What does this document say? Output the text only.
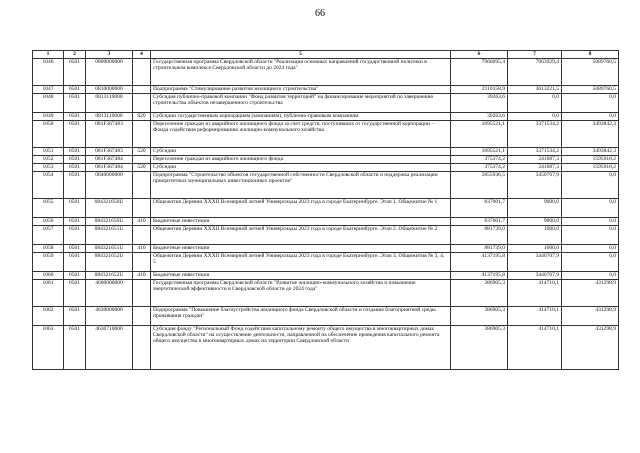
66
1	2	3	4	5	6	7	8
1046	0501	0800000000		Государственная программа Свердловской области "Реализация основных направлений государственной политики в строительном комплексе Свердловской области до 2024 года"	7966095,4	7063929,4	5089760,5
1047	0501	0810000000		Подпрограмма "Стимулирование развития жилищного строительства"	2110158,9	3613221,5	5089760,5
1048	0501	0813110000		Субсидия публично-правовой компании "Фонд развития территорий" на финансирование мероприятий по завершению строительства объектов незавершенного строительства	39263,6	0,0	0,0
1049	0501	0813110000	820	Субсидии государственным корпорациям (компаниям), публично-правовым компаниям	39263,6	0,0	0,0
1050	0501	081F367483		Переселение граждан из аварийного жилищного фонда за счет средств, поступивших от государственной корпорации – Фонда содействия реформированию жилищно-коммунального хозяйства	1695521,1	3371534,2	3493842,3
1051	0501	081F367483	520	Субсидии	1695521,1	3371534,2	3493842,3
1052	0501	081F367484		Переселение граждан из аварийного жилищного фонда	375374,2	241687,3	1595918,2
1053	0501	081F367484	520	Субсидии	375374,2	241687,3	1595918,2
1054	0501	0840000000		Подпрограмма "Строительство объектов государственной собственности Свердловской области и поддержка реализации приоритетных муниципальных инвестиционных проектов"	5855936,5	3450707,9	0,0
1055	0501	084321650U		Общежития Деревни XXXII Всемирной летней Универсиады 2023 года в городе Екатеринбурге. Этап 1. Общежитие № 1	837001,7	9000,0	0,0
1056	0501	084321650U	410	Бюджетные инвестиции	837001,7	9000,0	0,0
1057	0501	084321651U		Общежития Деревни XXXII Всемирной летней Универсиады 2023 года в городе Екатеринбурге. Этап 2. Общежитие № 2	881739,0	1000,0	0,0
1058	0501	084321651U	410	Бюджетные инвестиции	881739,0	1000,0	0,0
1059	0501	084321652U		Общежития Деревни XXXII Всемирной летней Универсиады 2023 года в городе Екатеринбурге. Этап 3. Общежития № 3, 4, 5	4137195,8	3440707,9	0,0
1060	0501	084321652U	410	Бюджетные инвестиции	4137195,8	3440707,9	0,0
1061	0501	4600000000		Государственная программа Свердловской области "Развитие жилищно-коммунального хозяйства и повышение энергетической эффективности в Свердловской области до 2024 года"	386905,3	414710,1	431298,9
1062	0501	4630000000		Подпрограмма "Повышение благоустройства жилищного фонда Свердловской области и создание благоприятной среды проживания граждан"	386905,3	414710,1	431298,9
1063	0501	4630710000		Субсидия фонду "Региональный Фонд содействия капитальному ремонту общего имущества в многоквартирных домах Свердловской области" на осуществление деятельности, направленной на обеспечение проведения капитального ремонта общего имущества в многоквартирных домах на территории Свердловской области	386905,3	414710,1	431298,9
